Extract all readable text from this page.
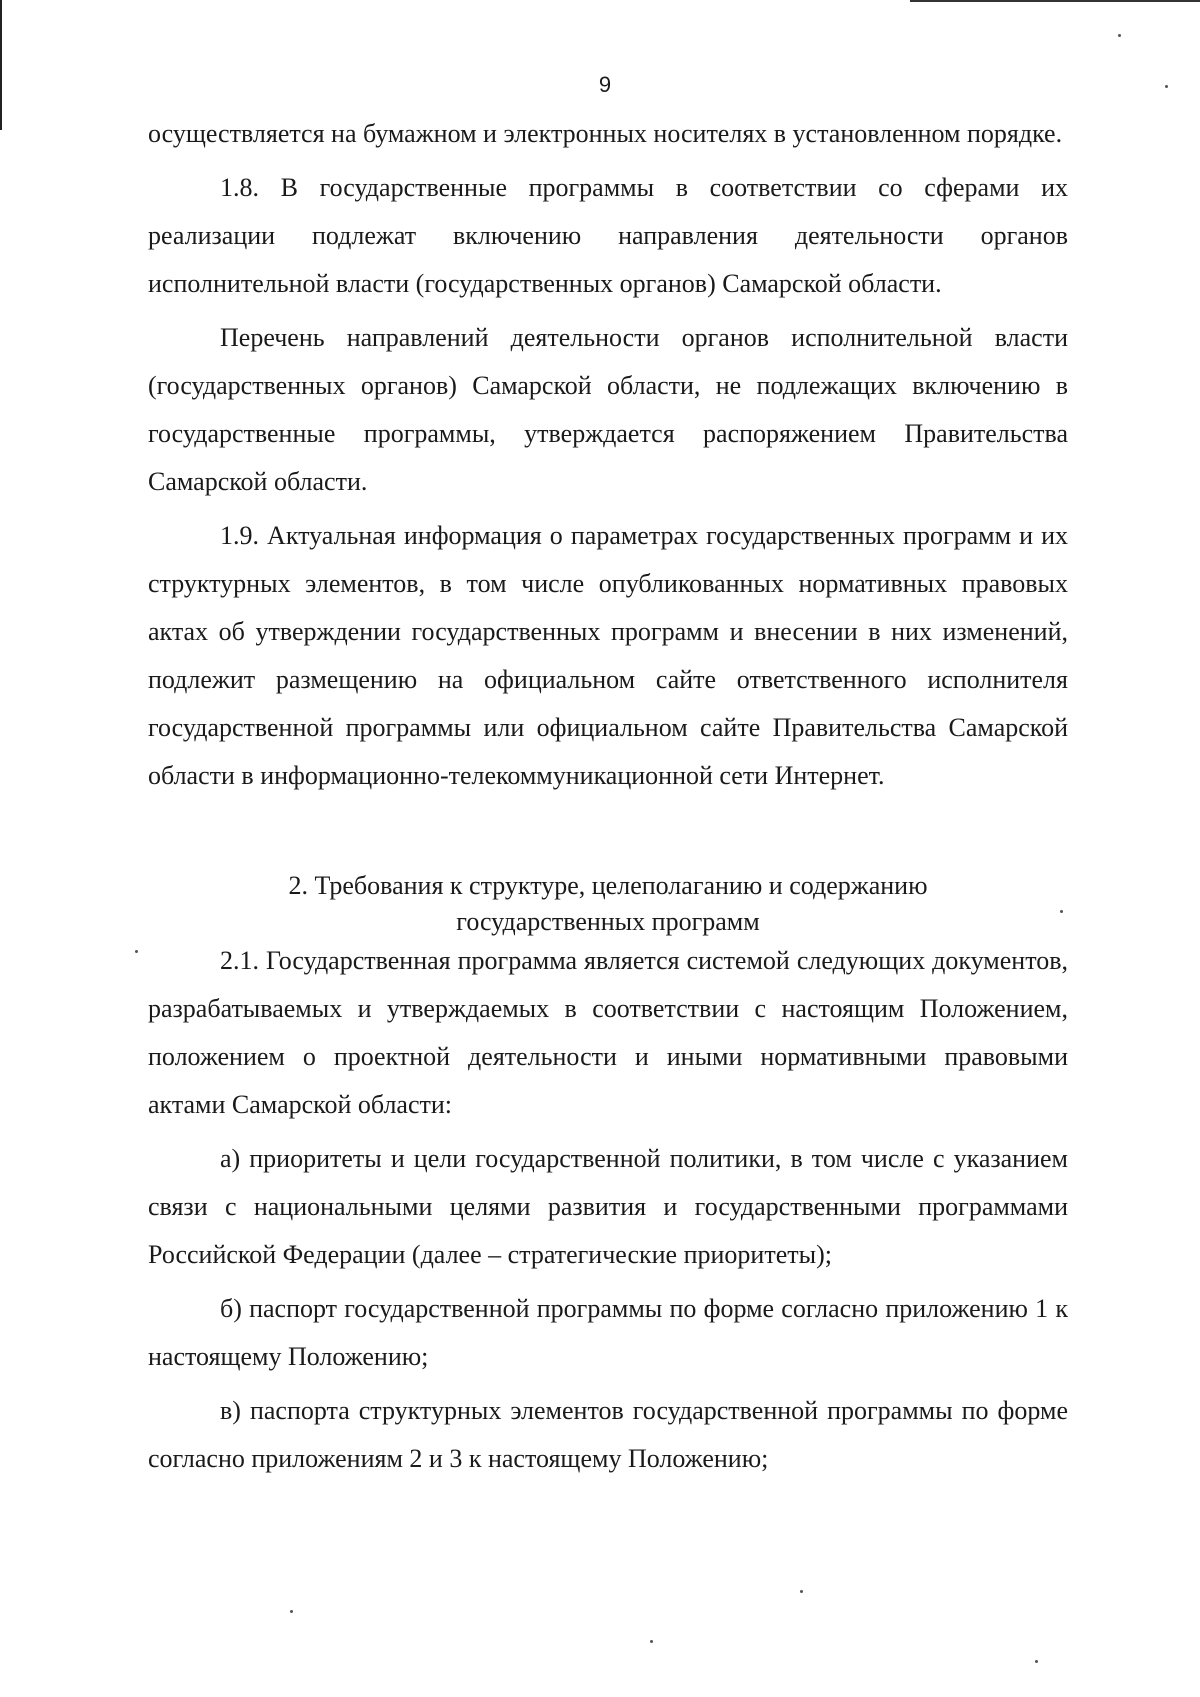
9

осуществляется на бумажном и электронных носителях в установленном порядке.

1.8. В государственные программы в соответствии со сферами их реализации подлежат включению направления деятельности органов исполнительной власти (государственных органов) Самарской области.

Перечень направлений деятельности органов исполнительной власти (государственных органов) Самарской области, не подлежащих включению в государственные программы, утверждается распоряжением Правительства Самарской области.

1.9. Актуальная информация о параметрах государственных программ и их структурных элементов, в том числе опубликованных нормативных правовых актах об утверждении государственных программ и внесении в них изменений, подлежит размещению на официальном сайте ответственного исполнителя государственной программы или официальном сайте Правительства Самарской области в информационно-телекоммуникационной сети Интернет.

2. Требования к структуре, целеполаганию и содержанию
государственных программ

2.1. Государственная программа является системой следующих документов, разрабатываемых и утверждаемых в соответствии с настоящим Положением, положением о проектной деятельности и иными нормативными правовыми актами Самарской области:

а) приоритеты и цели государственной политики, в том числе с указанием связи с национальными целями развития и государственными программами Российской Федерации (далее – стратегические приоритеты);

б) паспорт государственной программы по форме согласно приложению 1 к настоящему Положению;

в) паспорта структурных элементов государственной программы по форме согласно приложениям 2 и 3 к настоящему Положению;
